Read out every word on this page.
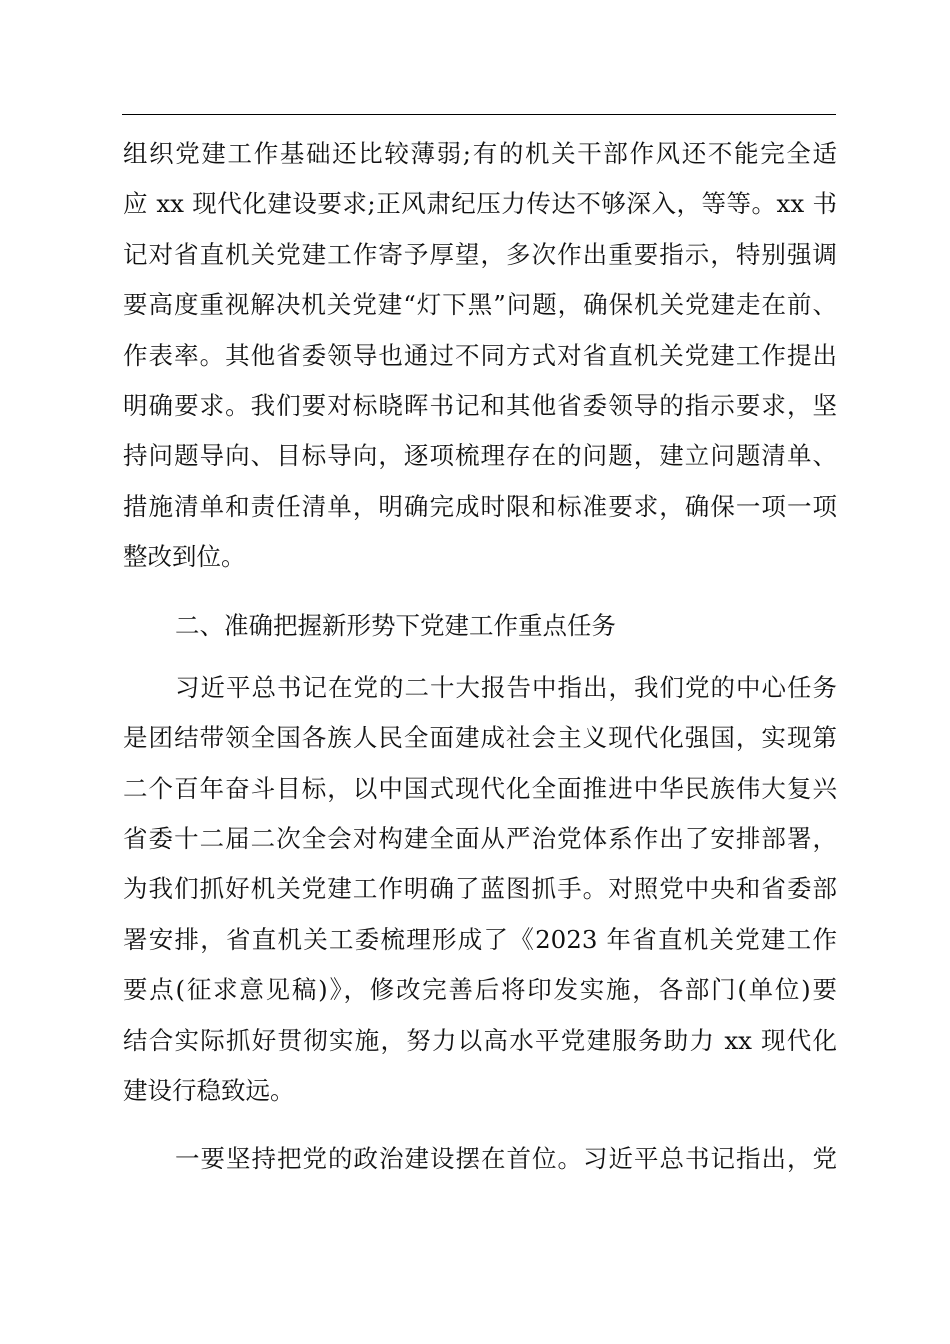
组织党建工作基础还比较薄弱;有的机关干部作风还不能完全适
应 xx 现代化建设要求;正风肃纪压力传达不够深入，等等。xx 书
记对省直机关党建工作寄予厚望，多次作出重要指示，特别强调
要高度重视解决机关党建“灯下黑”问题，确保机关党建走在前、
作表率。其他省委领导也通过不同方式对省直机关党建工作提出
明确要求。我们要对标晓晖书记和其他省委领导的指示要求，坚
持问题导向、目标导向，逐项梳理存在的问题，建立问题清单、
措施清单和责任清单，明确完成时限和标准要求，确保一项一项
整改到位。
二、准确把握新形势下党建工作重点任务
习近平总书记在党的二十大报告中指出，我们党的中心任务
是团结带领全国各族人民全面建成社会主义现代化强国，实现第
二个百年奋斗目标，以中国式现代化全面推进中华民族伟大复兴
省委十二届二次全会对构建全面从严治党体系作出了安排部署，
为我们抓好机关党建工作明确了蓝图抓手。对照党中央和省委部
署安排，省直机关工委梳理形成了《2023 年省直机关党建工作
要点(征求意见稿)》，修改完善后将印发实施，各部门(单位)要
结合实际抓好贯彻实施，努力以高水平党建服务助力 xx 现代化
建设行稳致远。
一要坚持把党的政治建设摆在首位。习近平总书记指出，党
